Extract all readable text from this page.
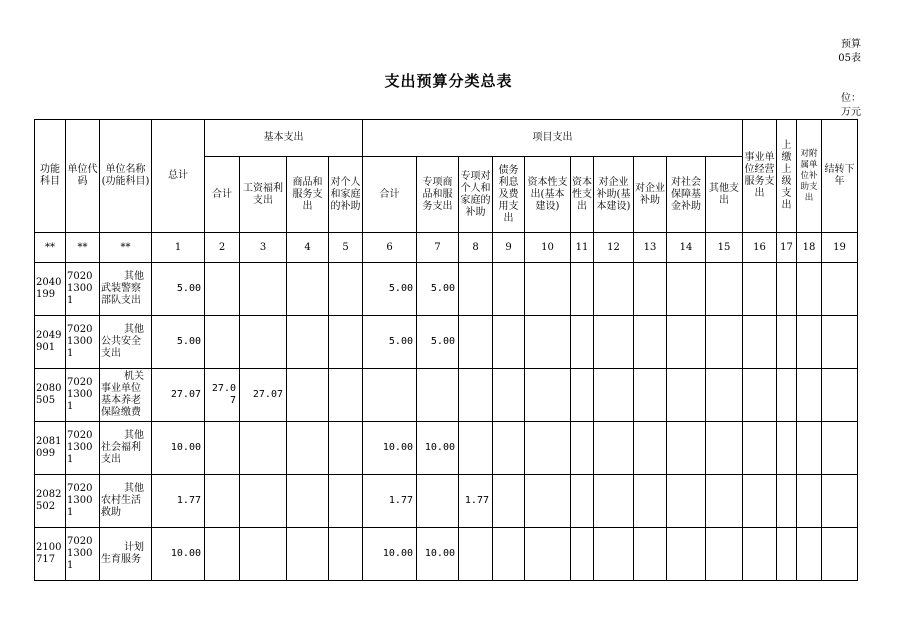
预算
05表
支出预算分类总表
位：
万元
功能科目	单位代码	单位名称(功能科目)	总计	基本支出				项目支出										事业单位经营服务支出	上缴上级支出	对附属单位补助支出	结转下年
				合计	工资福利支出	商品和服务支出	对个人和家庭的补助	合计	专项商品和服务支出	专项对个人和家庭的补助	债务利息及费用支出	资本性支出(基本建设)	资本性支出	对企业补助(基本建设)	对企业补助	对社会保障基金补助	其他支出				
**	**	**	1	2	3	4	5	6	7	8	9	10	11	12	13	14	15	16	17	18	19
2040199	702013001	其他
武装警察部队支出	5.00					5.00	5.00												
2049901	702013001	其他
公共安全支出	5.00					5.00	5.00												
2080505	702013001	机关
事业单位基本养老保险缴费	27.07	27.07	27.07																
2081099	702013001	其他
社会福利支出	10.00					10.00	10.00												
2082502	702013001	其他
农村生活救助	1.77					1.77		1.77											
2100717	702013001	计划
生育服务	10.00					10.00	10.00												
